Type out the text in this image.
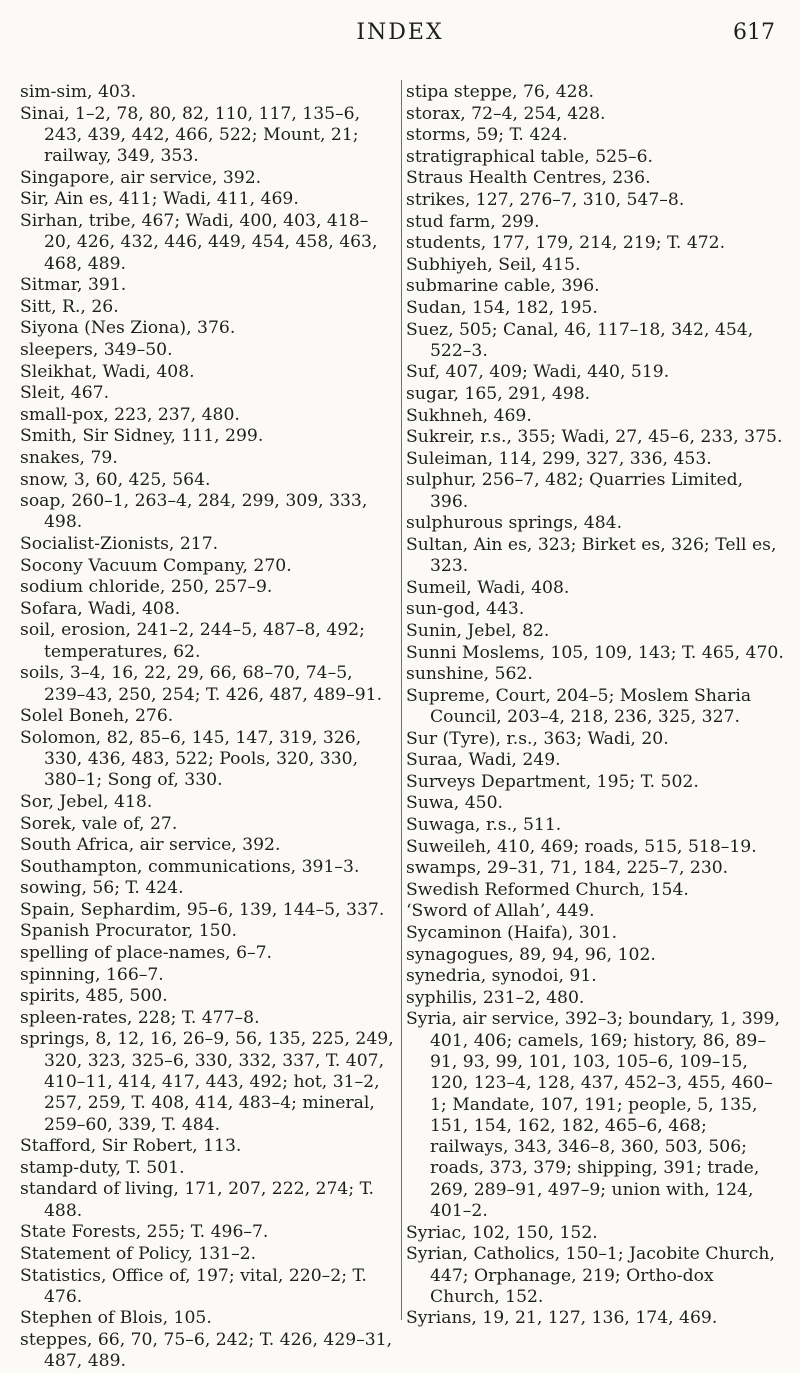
INDEX	617

sim-sim, 403.

Sinai, 1–2, 78, 80, 82, 110, 117, 135–6, 243, 439, 442, 466, 522; Mount, 21; railway, 349, 353.

Singapore, air service, 392.

Sir, Ain es, 411; Wadi, 411, 469.

Sirhan, tribe, 467; Wadi, 400, 403, 418–20, 426, 432, 446, 449, 454, 458, 463, 468, 489.

Sitmar, 391.

Sitt, R., 26.

Siyona (Nes Ziona), 376.

sleepers, 349–50.

Sleikhat, Wadi, 408.

Sleit, 467.

small-pox, 223, 237, 480.

Smith, Sir Sidney, 111, 299.

snakes, 79.

snow, 3, 60, 425, 564.

soap, 260–1, 263–4, 284, 299, 309, 333, 498.

Socialist-Zionists, 217.

Socony Vacuum Company, 270.

sodium chloride, 250, 257–9.

Sofara, Wadi, 408.

soil, erosion, 241–2, 244–5, 487–8, 492; temperatures, 62.

soils, 3–4, 16, 22, 29, 66, 68–70, 74–5, 239–43, 250, 254; T. 426, 487, 489–91.

Solel Boneh, 276.

Solomon, 82, 85–6, 145, 147, 319, 326, 330, 436, 483, 522; Pools, 320, 330, 380–1; Song of, 330.

Sor, Jebel, 418.

Sorek, vale of, 27.

South Africa, air service, 392.

Southampton, communications, 391–3.

sowing, 56; T. 424.

Spain, Sephardim, 95–6, 139, 144–5, 337.

Spanish Procurator, 150.

spelling of place-names, 6–7.

spinning, 166–7.

spirits, 485, 500.

spleen-rates, 228; T. 477–8.

springs, 8, 12, 16, 26–9, 56, 135, 225, 249, 320, 323, 325–6, 330, 332, 337, T. 407, 410–11, 414, 417, 443, 492; hot, 31–2, 257, 259, T. 408, 414, 483–4; mineral, 259–60, 339, T. 484.

Stafford, Sir Robert, 113.

stamp-duty, T. 501.

standard of living, 171, 207, 222, 274; T. 488.

State Forests, 255; T. 496–7.

Statement of Policy, 131–2.

Statistics, Office of, 197; vital, 220–2; T. 476.

Stephen of Blois, 105.

steppes, 66, 70, 75–6, 242; T. 426, 429–31, 487, 489.

stipa steppe, 76, 428.

storax, 72–4, 254, 428.

storms, 59; T. 424.

stratigraphical table, 525–6.

Straus Health Centres, 236.

strikes, 127, 276–7, 310, 547–8.

stud farm, 299.

students, 177, 179, 214, 219; T. 472.

Subhiyeh, Seil, 415.

submarine cable, 396.

Sudan, 154, 182, 195.

Suez, 505; Canal, 46, 117–18, 342, 454, 522–3.

Suf, 407, 409; Wadi, 440, 519.

sugar, 165, 291, 498.

Sukhneh, 469.

Sukreir, r.s., 355; Wadi, 27, 45–6, 233, 375.

Suleiman, 114, 299, 327, 336, 453.

sulphur, 256–7, 482; Quarries Limited, 396.

sulphurous springs, 484.

Sultan, Ain es, 323; Birket es, 326; Tell es, 323.

Sumeil, Wadi, 408.

sun-god, 443.

Sunin, Jebel, 82.

Sunni Moslems, 105, 109, 143; T. 465, 470.

sunshine, 562.

Supreme, Court, 204–5; Moslem Sharia Council, 203–4, 218, 236, 325, 327.

Sur (Tyre), r.s., 363; Wadi, 20.

Suraa, Wadi, 249.

Surveys Department, 195; T. 502.

Suwa, 450.

Suwaga, r.s., 511.

Suweileh, 410, 469; roads, 515, 518–19.

swamps, 29–31, 71, 184, 225–7, 230.

Swedish Reformed Church, 154.

‘Sword of Allah’, 449.

Sycaminon (Haifa), 301.

synagogues, 89, 94, 96, 102.

synedria, synodoi, 91.

syphilis, 231–2, 480.

Syria, air service, 392–3; boundary, 1, 399, 401, 406; camels, 169; history, 86, 89–91, 93, 99, 101, 103, 105–6, 109–15, 120, 123–4, 128, 437, 452–3, 455, 460–1; Mandate, 107, 191; people, 5, 135, 151, 154, 162, 182, 465–6, 468; railways, 343, 346–8, 360, 503, 506; roads, 373, 379; shipping, 391; trade, 269, 289–91, 497–9; union with, 124, 401–2.

Syriac, 102, 150, 152.

Syrian, Catholics, 150–1; Jacobite Church, 447; Orphanage, 219; Ortho-dox Church, 152.

Syrians, 19, 21, 127, 136, 174, 469.
